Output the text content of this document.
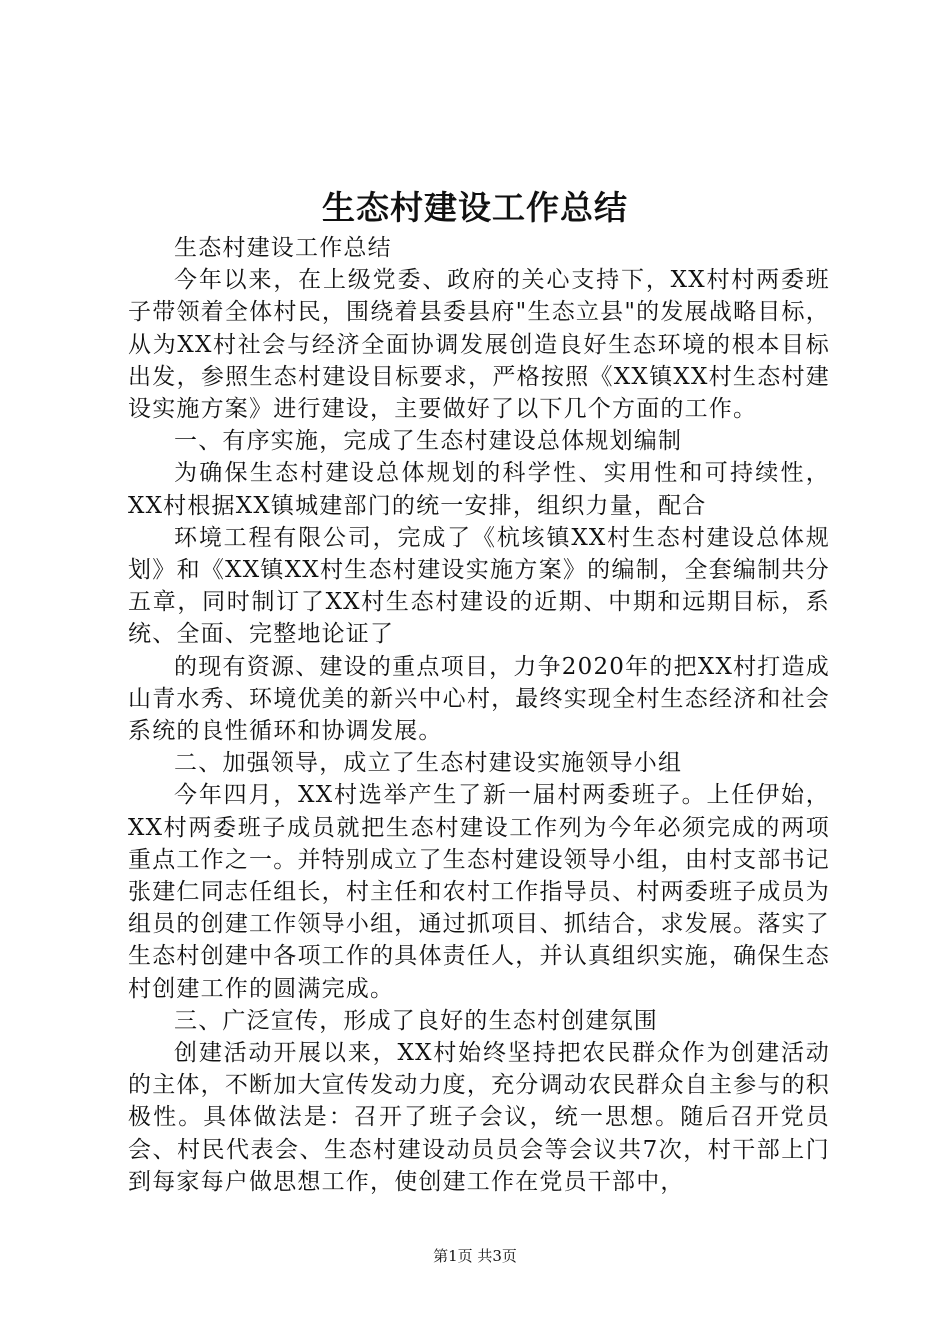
生态村建设工作总结

生态村建设工作总结

今年以来，在上级党委、政府的关心支持下，XX村村两委班子带领着全体村民，围绕着县委县府"生态立县"的发展战略目标，从为XX村社会与经济全面协调发展创造良好生态环境的根本目标出发，参照生态村建设目标要求，严格按照《XX镇XX村生态村建设实施方案》进行建设，主要做好了以下几个方面的工作。

一、有序实施，完成了生态村建设总体规划编制

为确保生态村建设总体规划的科学性、实用性和可持续性，XX村根据XX镇城建部门的统一安排，组织力量，配合

环境工程有限公司，完成了《杭垓镇XX村生态村建设总体规划》和《XX镇XX村生态村建设实施方案》的编制，全套编制共分五章，同时制订了XX村生态村建设的近期、中期和远期目标，系统、全面、完整地论证了

的现有资源、建设的重点项目，力争2020年的把XX村打造成山青水秀、环境优美的新兴中心村，最终实现全村生态经济和社会系统的良性循环和协调发展。

二、加强领导，成立了生态村建设实施领导小组

今年四月，XX村选举产生了新一届村两委班子。上任伊始，XX村两委班子成员就把生态村建设工作列为今年必须完成的两项重点工作之一。并特别成立了生态村建设领导小组，由村支部书记张建仁同志任组长，村主任和农村工作指导员、村两委班子成员为组员的创建工作领导小组，通过抓项目、抓结合，求发展。落实了生态村创建中各项工作的具体责任人，并认真组织实施，确保生态村创建工作的圆满完成。

三、广泛宣传，形成了良好的生态村创建氛围

创建活动开展以来，XX村始终坚持把农民群众作为创建活动的主体，不断加大宣传发动力度，充分调动农民群众自主参与的积极性。具体做法是：召开了班子会议，统一思想。随后召开党员会、村民代表会、生态村建设动员员会等会议共7次，村干部上门到每家每户做思想工作，使创建工作在党员干部中，

第1页 共3页
